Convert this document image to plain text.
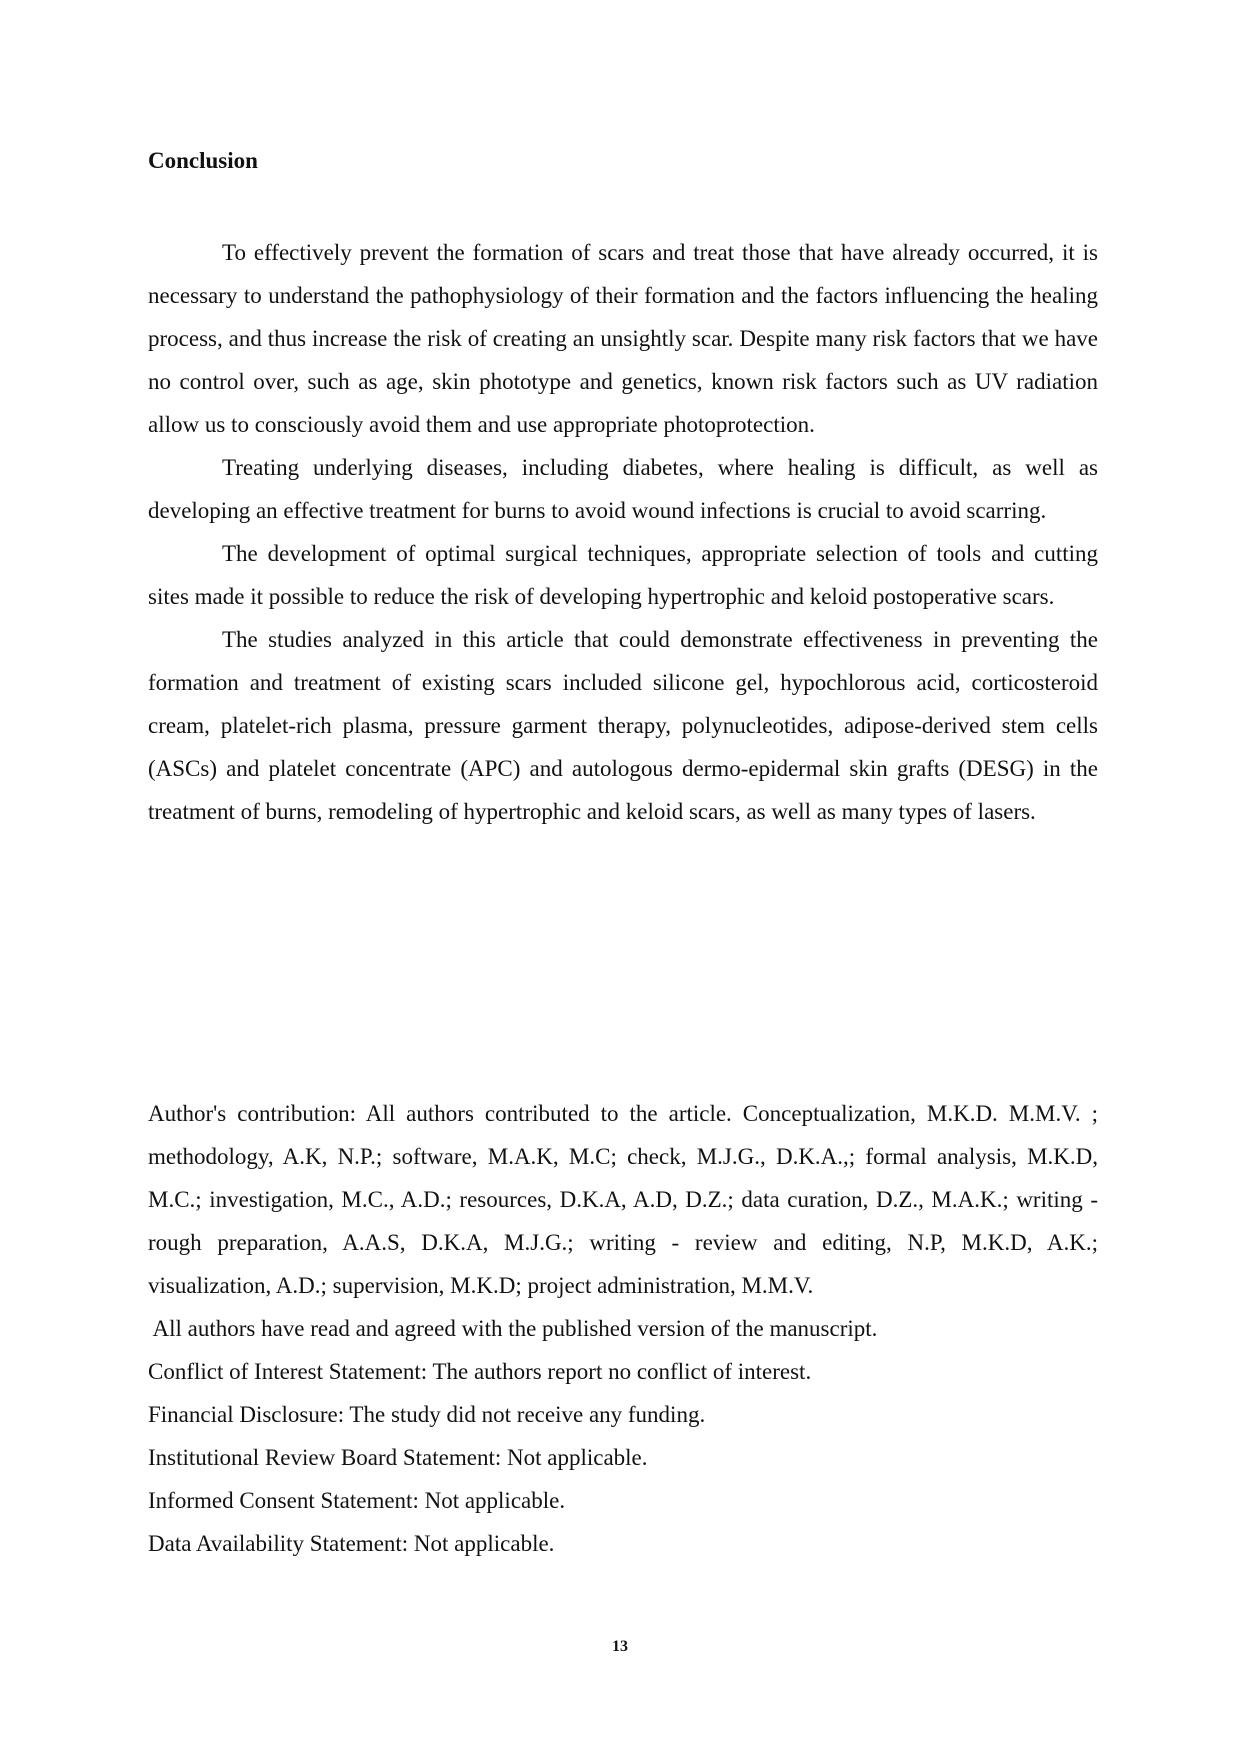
Conclusion

To effectively prevent the formation of scars and treat those that have already occurred, it is necessary to understand the pathophysiology of their formation and the factors influencing the healing process, and thus increase the risk of creating an unsightly scar. Despite many risk factors that we have no control over, such as age, skin phototype and genetics, known risk factors such as UV radiation allow us to consciously avoid them and use appropriate photoprotection.

Treating underlying diseases, including diabetes, where healing is difficult, as well as developing an effective treatment for burns to avoid wound infections is crucial to avoid scarring.

The development of optimal surgical techniques, appropriate selection of tools and cutting sites made it possible to reduce the risk of developing hypertrophic and keloid postoperative scars.

The studies analyzed in this article that could demonstrate effectiveness in preventing the formation and treatment of existing scars included silicone gel, hypochlorous acid, corticosteroid cream, platelet-rich plasma, pressure garment therapy, polynucleotides, adipose-derived stem cells (ASCs) and platelet concentrate (APC) and autologous dermo-epidermal skin grafts (DESG) in the treatment of burns, remodeling of hypertrophic and keloid scars, as well as many types of lasers.

Author's contribution: All authors contributed to the article. Conceptualization, M.K.D. M.M.V. ; methodology, A.K, N.P.; software, M.A.K, M.C; check, M.J.G., D.K.A.,; formal analysis, M.K.D, M.C.; investigation, M.C., A.D.; resources, D.K.A, A.D, D.Z.; data curation, D.Z., M.A.K.; writing - rough preparation, A.A.S, D.K.A, M.J.G.; writing - review and editing, N.P, M.K.D, A.K.; visualization, A.D.; supervision, M.K.D; project administration, M.M.V.

All authors have read and agreed with the published version of the manuscript.

Conflict of Interest Statement: The authors report no conflict of interest.

Financial Disclosure: The study did not receive any funding.

Institutional Review Board Statement: Not applicable.

Informed Consent Statement: Not applicable.

Data Availability Statement: Not applicable.

13
